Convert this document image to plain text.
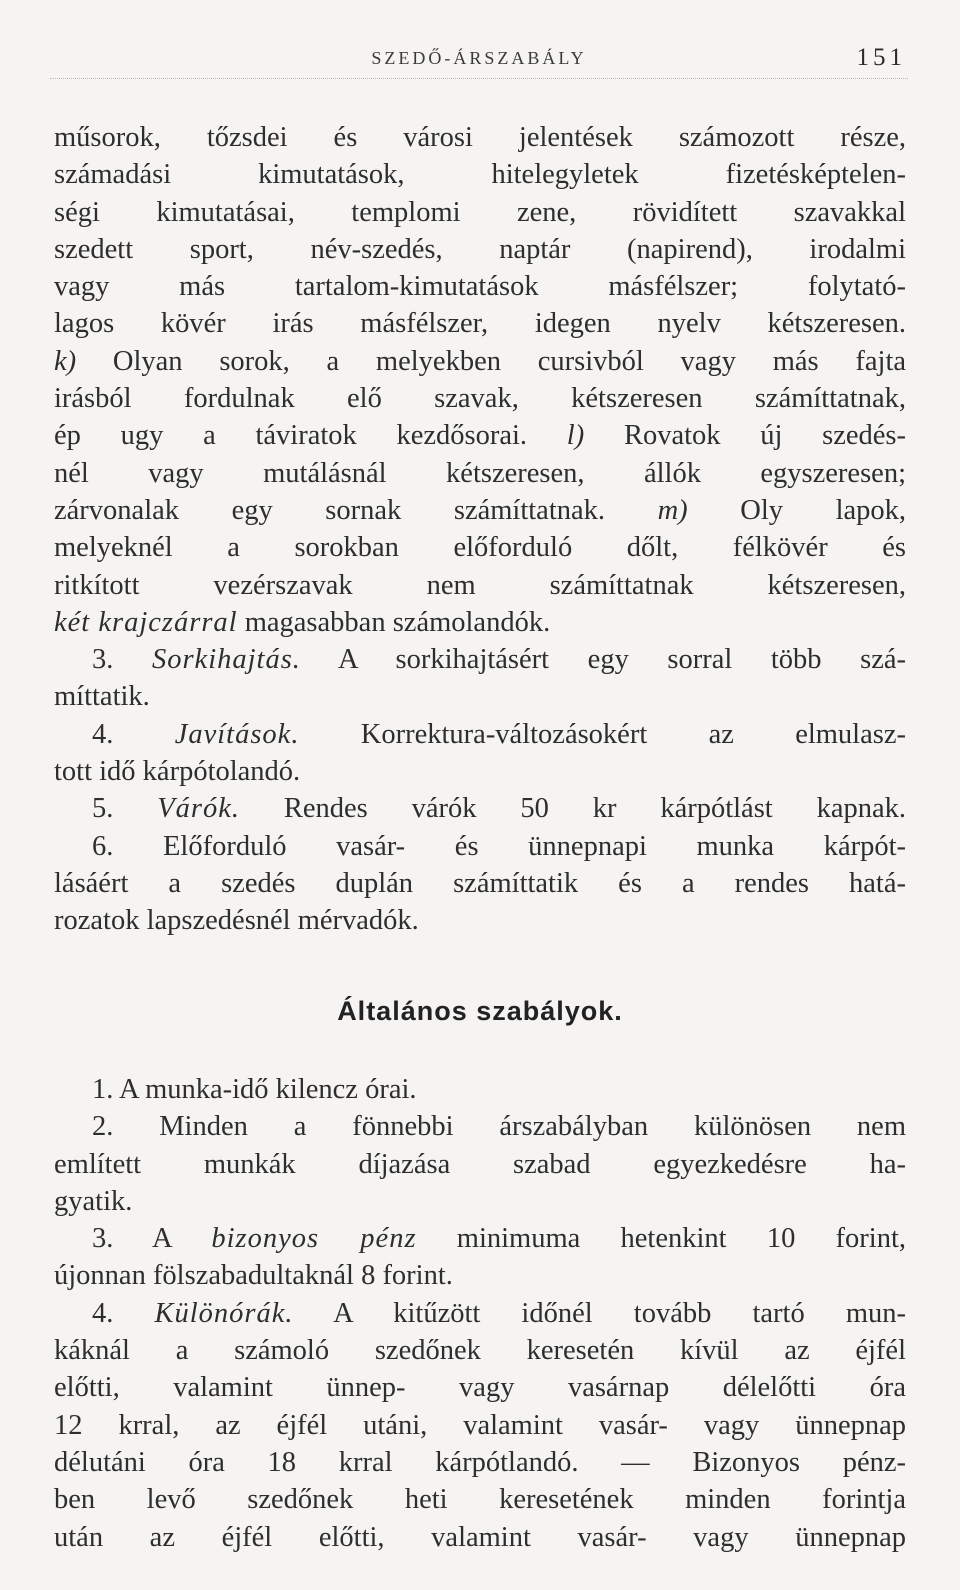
SZEDŐ-ÁRSZABÁLY	151
műsorok, tőzsdei és városi jelentések számozott része,
számadási kimutatások, hitelegyletek fizetésképtelen-
ségi kimutatásai, templomi zene, rövidített szavakkal
szedett sport, név-szedés, naptár (napirend), irodalmi
vagy más tartalom-kimutatások másfélszer; folytató-
lagos kövér irás másfélszer, idegen nyelv kétszeresen.
k) Olyan sorok, a melyekben cursivból vagy más fajta
irásból fordulnak elő szavak, kétszeresen számíttatnak,
ép ugy a táviratok kezdősorai. l) Rovatok új szedés-
nél vagy mutálásnál kétszeresen, állók egyszeresen;
zárvonalak egy sornak számíttatnak. m) Oly lapok,
melyeknél a sorokban előforduló dőlt, félkövér és
ritkított vezérszavak nem számíttatnak kétszeresen,
két krajczárral magasabban számolandók.
3. Sorkihajtás. A sorkihajtásért egy sorral több szá-
míttatik.
4. Javítások. Korrektura-változásokért az elmulasz-
tott idő kárpótolandó.
5. Várók. Rendes várók 50 kr kárpótlást kapnak.
6. Előforduló vasár- és ünnepnapi munka kárpót-
lásáért a szedés duplán számíttatik és a rendes hatá-
rozatok lapszedésnél mérvadók.
Általános szabályok.
1. A munka-idő kilencz órai.
2. Minden a fönnebbi árszabályban különösen nem
említett munkák díjazása szabad egyezkedésre ha-
gyatik.
3. A bizonyos pénz minimuma hetenkint 10 forint,
újonnan fölszabadultaknál 8 forint.
4. Különórák. A kitűzött időnél tovább tartó mun-
káknál a számoló szedőnek keresetén kívül az éjfél
előtti, valamint ünnep- vagy vasárnap délelőtti óra
12 krral, az éjfél utáni, valamint vasár- vagy ünnepnap
délutáni óra 18 krral kárpótlandó. — Bizonyos pénz-
ben levő szedőnek heti keresetének minden forintja
után az éjfél előtti, valamint vasár- vagy ünnepnap
